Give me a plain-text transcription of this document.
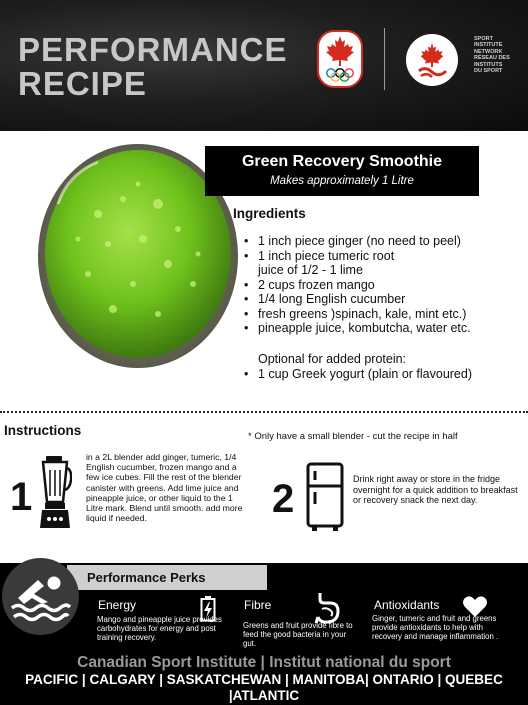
PERFORMANCE
RECIPE
SPORT
INSTITUTE
NETWORK
RÉSEAU DES
INSTITUTS
DU SPORT
Green Recovery Smoothie
Makes approximately 1 Litre
Ingredients
• 1 inch piece ginger (no need to peel)
• 1 inch piece tumeric root
juice of 1/2 - 1 lime
• 2 cups frozen mango
• 1/4 long English cucumber
• fresh greens )spinach, kale, mint etc.)
• pineapple juice, kombutcha, water etc.
Optional for added protein:
• 1 cup Greek yogurt (plain or flavoured)
Instructions	* Only have a small blender - cut the recipe in half
1
in a 2L blender add ginger, tumeric, 1/4 English cucumber, frozen mango and a few ice cubes. Fill the rest of the blender canister with greens. Add lime juice and pineapple juice, or other liquid to the 1 Litre mark. Blend until smooth. add more liquid if needed.	2	Drink right away or store in the fridge overnight for a quick addition to breakfast or recovery snack the next day.
Performance Perks
Energy
Mango and pineapple juice provides carbohydrates for energy and post training recovery.
Fibre
Greens and fruit provide fibre to feed the good bacteria in your gut.
Antioxidants
Ginger, tumeric and fruit and greens provide antioxidants to help with recovery and manage inflammation .
Canadian Sport Institute | Institut national du sport
PACIFIC | CALGARY | SASKATCHEWAN | MANITOBA| ONTARIO | QUEBEC |ATLANTIC
